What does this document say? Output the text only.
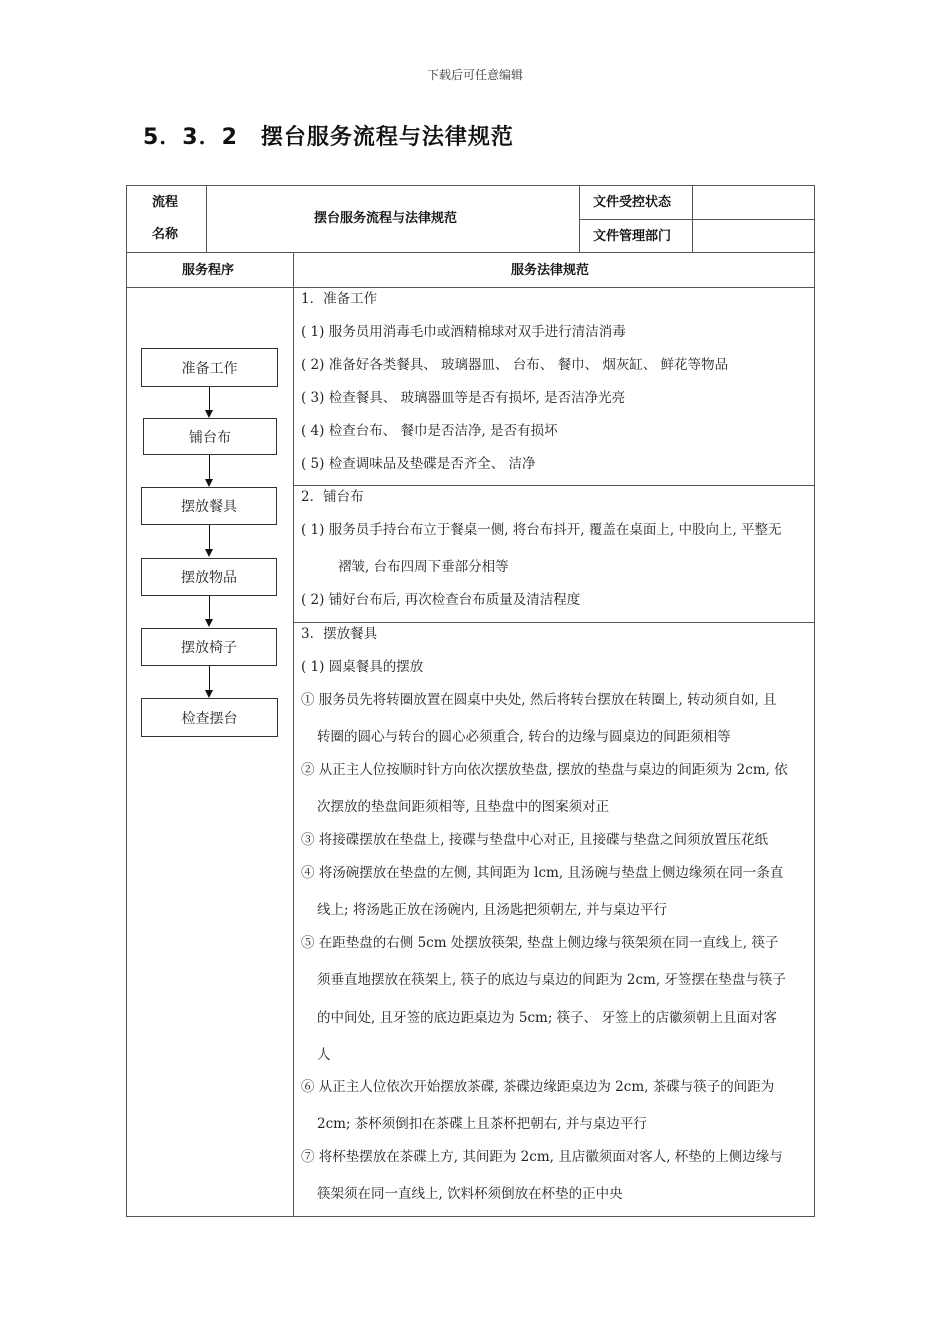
下载后可任意编辑
5．3．2　摆台服务流程与法律规范
流程
名称
摆台服务流程与法律规范
文件受控状态
文件管理部门
服务程序	服务法律规范
准备工作
铺台布
摆放餐具
摆放物品
摆放椅子
检查摆台
1．准备工作
( 1) 服务员用消毒毛巾或酒精棉球对双手进行清洁消毒
( 2) 准备好各类餐具、 玻璃器皿、 台布、 餐巾、 烟灰缸、 鲜花等物品
( 3) 检查餐具、 玻璃器皿等是否有损坏, 是否洁净光亮
( 4) 检查台布、 餐巾是否洁净, 是否有损坏
( 5) 检查调味品及垫碟是否齐全、 洁净
2．铺台布
( 1) 服务员手持台布立于餐桌一侧, 将台布抖开, 覆盖在桌面上, 中股向上, 平整无
褶皱, 台布四周下垂部分相等
( 2) 铺好台布后, 再次检查台布质量及清洁程度
3．摆放餐具
( 1) 圆桌餐具的摆放
① 服务员先将转圈放置在圆桌中央处, 然后将转台摆放在转圈上, 转动须自如, 且
转圈的圆心与转台的圆心必须重合, 转台的边缘与圆桌边的间距须相等
② 从正主人位按顺时针方向依次摆放垫盘, 摆放的垫盘与桌边的间距须为 2cm, 依
次摆放的垫盘间距须相等, 且垫盘中的图案须对正
③ 将接碟摆放在垫盘上, 接碟与垫盘中心对正, 且接碟与垫盘之间须放置压花纸
④ 将汤碗摆放在垫盘的左侧, 其间距为 lcm, 且汤碗与垫盘上侧边缘须在同一条直
线上; 将汤匙正放在汤碗内, 且汤匙把须朝左, 并与桌边平行
⑤ 在距垫盘的右侧 5cm 处摆放筷架, 垫盘上侧边缘与筷架须在同一直线上, 筷子
须垂直地摆放在筷架上, 筷子的底边与桌边的间距为 2cm, 牙签摆在垫盘与筷子
的中间处, 且牙签的底边距桌边为 5cm; 筷子、 牙签上的店徽须朝上且面对客
人
⑥ 从正主人位依次开始摆放茶碟, 茶碟边缘距桌边为 2cm, 茶碟与筷子的间距为
2cm; 茶杯须倒扣在茶碟上且茶杯把朝右, 并与桌边平行
⑦ 将杯垫摆放在茶碟上方, 其间距为 2cm, 且店徽须面对客人, 杯垫的上侧边缘与
筷架须在同一直线上, 饮料杯须倒放在杯垫的正中央
